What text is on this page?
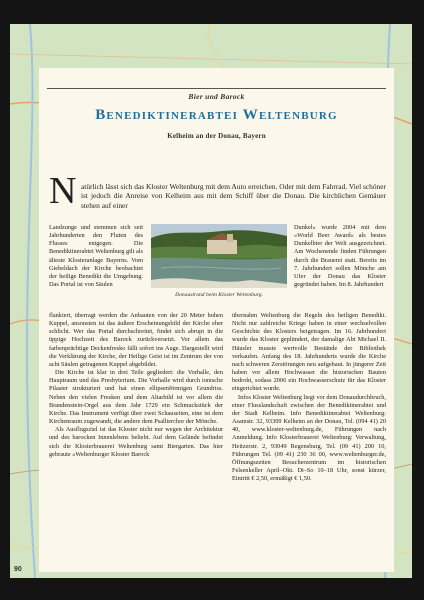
Bier und Barock
Benediktinerabtei Weltenburg
Kelheim an der Donau, Bayern
N atürlich lässt sich das Kloster Weltenburg mit dem Auto erreichen. Oder mit dem Fahrrad. Viel schöner ist jedoch die Anreise von Kelheim aus mit dem Schiff über die Donau. Die kirchlichen Gemäuer stehen auf einer
Landzunge und stemmen sich seit Jahrhunderten den Fluten des Flusses entgegen. Die Benediktinerabtei Weltenburg gilt als älteste Klosteranlage Bayerns. Vom Giebeldach der Kirche beobachtet der heilige Benedikt die Umgebung. Das Portal ist von Säulen
Donaustrand beim Kloster Weltenburg.
Dunkel« wurde 2004 mit dem »World Beer Award« als bestes Dunkelbier der Welt ausgezeichnet. Am Wochenende finden Führungen durch die Brauerei statt. Bereits im 7. Jahrhundert sollen Mönche am Ufer der Donau das Kloster gegründet haben. Im 8. Jahrhundert

flankiert, überragt werden die Anbauten von der 20 Meter hohen Kuppel, ansonsten ist das äußere Erscheinungsbild der Kirche eher schlicht. Wer das Portal durchschreitet, findet sich abrupt in die üppige Hochzeit des Barock zurückversetzt. Vor allem das farbenprächtige Deckenfresko fällt sofort ins Auge. Dargestellt wird die Verklärung der Kirche, der Heilige Geist ist im Zentrum der von acht Säulen getragenen Kuppel abgebildet.

Die Kirche ist klar in drei Teile gegliedert: die Vorhalle, den Hauptraum und das Presbyterium. Die Vorhalle wird durch ionische Pilaster strukturiert und hat einen ellipsenförmigen Grundriss. Neben den vielen Fresken und dem Altarbild ist vor allem die Brandenstein-Orgel aus dem Jahr 1729 ein Schmuckstück der Kirche. Das Instrument verfügt über zwei Schauseiten, eine ist dem Kirchenraum zugewandt, die andere dem Psallierchor der Mönche.

Als Ausflugsziel ist das Kloster nicht nur wegen der Architektur und des barocken Innenlebens beliebt. Auf dem Gelände befindet sich die Klosterbrauerei Weltenburg samt Biergarten. Das hier gebraute »Weltenburger Kloster Barock

übernahm Weltenburg die Regeln des heiligen Benedikt. Nicht nur zahlreiche Kriege haben in einer wechselvollen Geschichte des Klosters beigetragen. Im 16. Jahrhundert wurde das Kloster geplündert, der damalige Abt Michael II. Häusler musste wertvolle Bestände der Bibliothek verkaufen. Anfang des 18. Jahrhunderts wurde die Kirche nach schweren Zerstörungen neu aufgebaut. In jüngerer Zeit haben vor allem Hochwasser die historischen Bauten bedroht, sodass 2006 ein Hochwasserschutz für das Kloster eingerichtet wurde.

Infos Kloster Weltenburg liegt vor dem Donaudurchbruch, einer Flusslandschaft zwischen der Benediktinerabtei und der Stadt Kelheim. Info Benediktinerabtei Weltenburg: Asamstr. 32, 93309 Kelheim an der Donau, Tel. (094 41) 20 40, www.kloster-weltenburg.de, Führungen nach Anmeldung. Info Klosterbrauerei Weltenburg: Verwaltung, Heitzerstr. 2, 93049 Regensburg, Tel. (09 41) 200 10, Führungen Tel. (09 41) 230 36 00, www.weltenburger.de, Öffnungszeiten Besucherzentrum im historischen Felsenkeller April–Okt. Di–So 10–18 Uhr, sonst kürzer, Eintritt € 2,50, ermäßigt € 1,50.

90
